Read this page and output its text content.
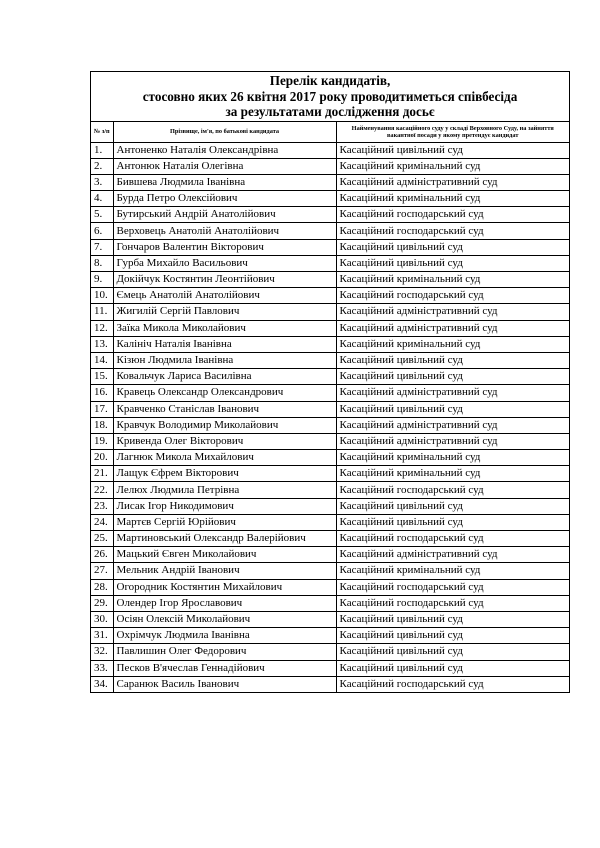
Перелік кандидатів,
стосовно яких 26 квітня 2017 року проводитиметься співбесіда
за результатами дослідження досьє
№ з/п	Прізвище, ім'я, по батькові кандидата	Найменування касаційного суду у складі Верховного Суду, на зайняття вакантної посади у якому претендує кандидат
1.	Антоненко Наталія Олександрівна	Касаційний цивільний суд
2.	Антонюк Наталія Олегівна	Касаційний кримінальний суд
3.	Бившева Людмила Іванівна	Касаційний адміністративний суд
4.	Бурда Петро Олексійович	Касаційний кримінальний суд
5.	Бутирський Андрій Анатолійович	Касаційний господарський суд
6.	Верховець Анатолій Анатолійович	Касаційний господарський суд
7.	Гончаров Валентин Вікторович	Касаційний цивільний суд
8.	Гурба Михайло Васильович	Касаційний цивільний суд
9.	Докійчук Костянтин Леонтійович	Касаційний кримінальний суд
10.	Ємець Анатолій Анатолійович	Касаційний господарський суд
11.	Жигилій Сергій Павлович	Касаційний адміністративний суд
12.	Заїка Микола Миколайович	Касаційний адміністративний суд
13.	Калініч Наталія Іванівна	Касаційний кримінальний суд
14.	Кізюн Людмила Іванівна	Касаційний цивільний суд
15.	Ковальчук Лариса Василівна	Касаційний цивільний суд
16.	Кравець Олександр Олександрович	Касаційний адміністративний суд
17.	Кравченко Станіслав Іванович	Касаційний цивільний суд
18.	Кравчук Володимир Миколайович	Касаційний адміністративний суд
19.	Кривенда Олег Вікторович	Касаційний адміністративний суд
20.	Лагнюк Микола Михайлович	Касаційний кримінальний суд
21.	Лащук Єфрем Вікторович	Касаційний кримінальний суд
22.	Лелюх Людмила Петрівна	Касаційний господарський суд
23.	Лисак Ігор Никодимович	Касаційний цивільний суд
24.	Мартєв Сергій Юрійович	Касаційний цивільний суд
25.	Мартиновський Олександр Валерійович	Касаційний господарський суд
26.	Мацький Євген Миколайович	Касаційний адміністративний суд
27.	Мельник Андрій Іванович	Касаційний кримінальний суд
28.	Огородник Костянтин Михайлович	Касаційний господарський суд
29.	Олендер Ігор Ярославович	Касаційний господарський суд
30.	Осіян Олексій Миколайович	Касаційний цивільний суд
31.	Охрімчук Людмила Іванівна	Касаційний цивільний суд
32.	Павлишин Олег Федорович	Касаційний цивільний суд
33.	Песков В'ячеслав Геннадійович	Касаційний цивільний суд
34.	Саранюк Василь Іванович	Касаційний господарський суд
